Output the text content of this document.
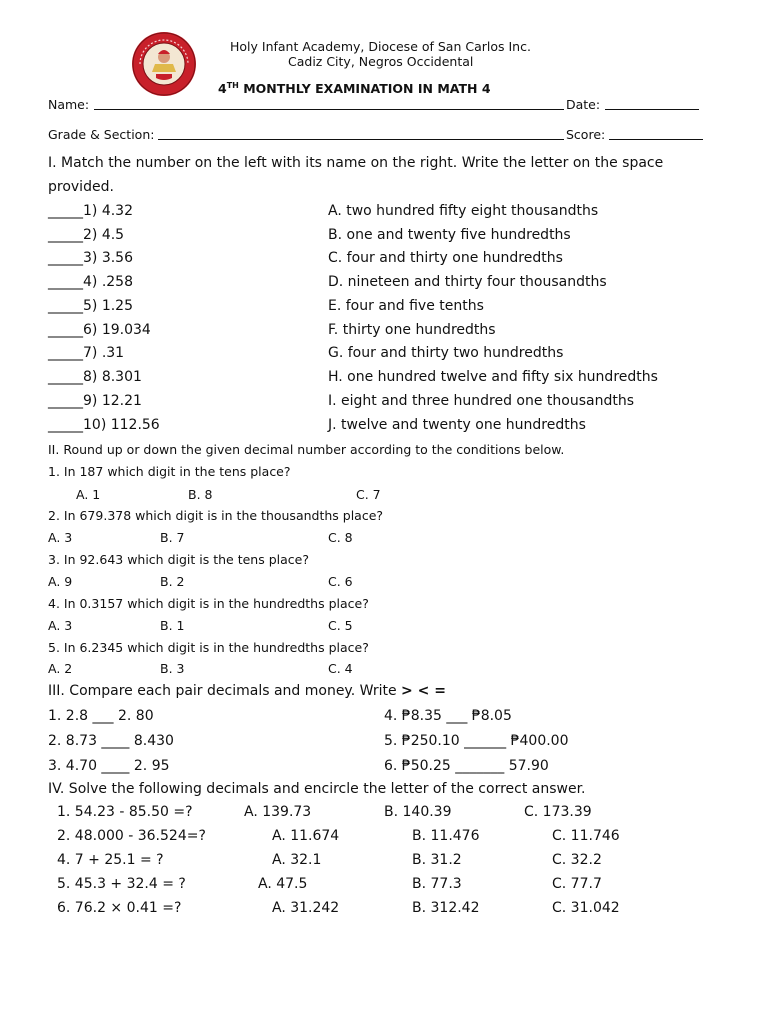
Holy Infant Academy, Diocese of San Carlos Inc.
Cadiz City, Negros Occidental
4TH MONTHLY EXAMINATION IN MATH 4
Name:	Date:
Grade & Section:	Score:
I. Match the number on the left with its name on the right. Write the letter on the space
provided.
_____1) 4.32	A. two hundred fifty eight thousandths
_____2) 4.5	B. one and twenty five hundredths
_____3) 3.56	C. four and thirty one hundredths
_____4) .258	D. nineteen and thirty four thousandths
_____5) 1.25	E. four and five tenths
_____6) 19.034	F. thirty one hundredths
_____7) .31	G. four and thirty two hundredths
_____8) 8.301	H. one hundred twelve and fifty six hundredths
_____9) 12.21	I. eight and three hundred one thousandths
_____10) 112.56	J. twelve and twenty one hundredths
II. Round up or down the given decimal number according to the conditions below.
1. In 187 which digit in the tens place?
A. 1	B. 8	C. 7
2. In 679.378 which digit is in the thousandths place?
A. 3	B. 7	C. 8
3. In 92.643 which digit is the tens place?
A. 9	B. 2	C. 6
4. In 0.3157 which digit is in the hundredths place?
A. 3	B. 1	C. 5
5. In 6.2345 which digit is in the hundredths place?
A. 2	B. 3	C. 4
III. Compare each pair decimals and money. Write > < =
1. 2.8 ___ 2. 80	4. ₱8.35 ___ ₱8.05
2. 8.73 ____ 8.430	5. ₱250.10 ______ ₱400.00
3. 4.70 ____ 2. 95	6. ₱50.25 _______ 57.90
IV. Solve the following decimals and encircle the letter of the correct answer.
1. 54.23 - 85.50 =?	A. 139.73	B. 140.39	C. 173.39
2. 48.000 - 36.524=?	A. 11.674	B. 11.476	C. 11.746
4. 7 + 25.1 = ?	A. 32.1	B. 31.2	C. 32.2
5. 45.3 + 32.4 = ?	A. 47.5	B. 77.3	C. 77.7
6. 76.2 × 0.41 =?	A. 31.242	B. 312.42	C. 31.042
